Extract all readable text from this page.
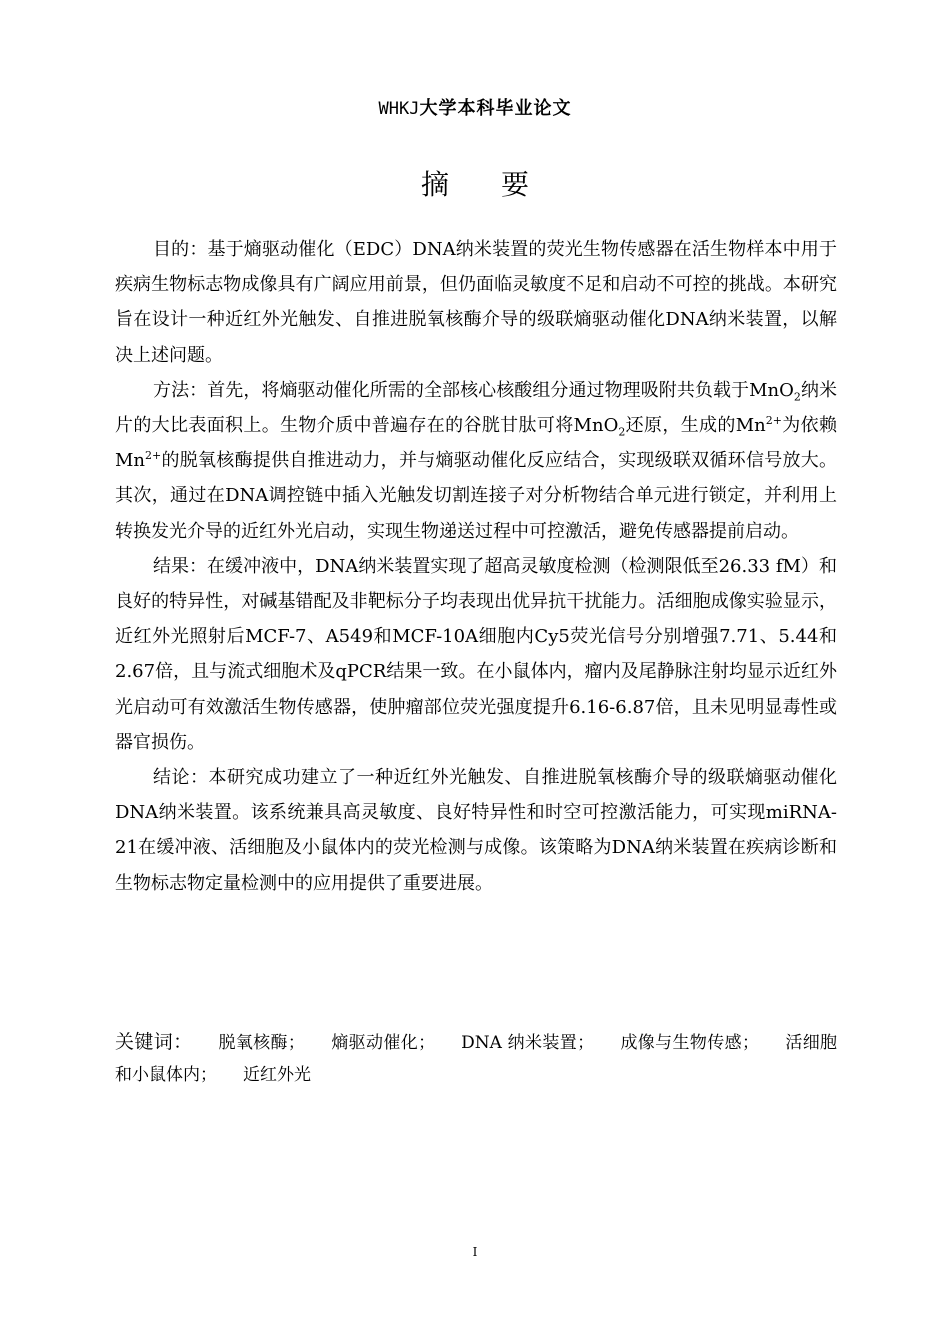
WHKJ大学本科毕业论文
摘要

目的：基于熵驱动催化（EDC）DNA纳米装置的荧光生物传感器在活生物样本中用于疾病生物标志物成像具有广阔应用前景，但仍面临灵敏度不足和启动不可控的挑战。本研究旨在设计一种近红外光触发、自推进脱氧核酶介导的级联熵驱动催化DNA纳米装置，以解决上述问题。

方法：首先，将熵驱动催化所需的全部核心核酸组分通过物理吸附共负载于MnO$_2$纳米片的大比表面积上。生物介质中普遍存在的谷胱甘肽可将MnO$_2$还原，生成的$Mn^{2+}$为依赖$Mn^{2+}$的脱氧核酶提供自推进动力，并与熵驱动催化反应结合，实现级联双循环信号放大。其次，通过在DNA调控链中插入光触发切割连接子对分析物结合单元进行锁定，并利用上转换发光介导的近红外光启动，实现生物递送过程中可控激活，避免传感器提前启动。

结果：在缓冲液中，DNA纳米装置实现了超高灵敏度检测（检测限低至26.33 fM）和良好的特异性，对碱基错配及非靶标分子均表现出优异抗干扰能力。活细胞成像实验显示，近红外光照射后MCF-7、A549和MCF-10A细胞内Cy5荧光信号分别增强7.71、5.44和2.67倍，且与流式细胞术及qPCR结果一致。在小鼠体内，瘤内及尾静脉注射均显示近红外光启动可有效激活生物传感器，使肿瘤部位荧光强度提升6.16-6.87倍，且未见明显毒性或器官损伤。

结论：本研究成功建立了一种近红外光触发、自推进脱氧核酶介导的级联熵驱动催化DNA纳米装置。该系统兼具高灵敏度、良好特异性和时空可控激活能力，可实现miRNA-21在缓冲液、活细胞及小鼠体内的荧光检测与成像。该策略为DNA纳米装置在疾病诊断和生物标志物定量检测中的应用提供了重要进展。

关键词： 脱氧核酶； 熵驱动催化； DNA 纳米装置； 成像与生物传感； 活细胞和小鼠体内； 近红外光
I
